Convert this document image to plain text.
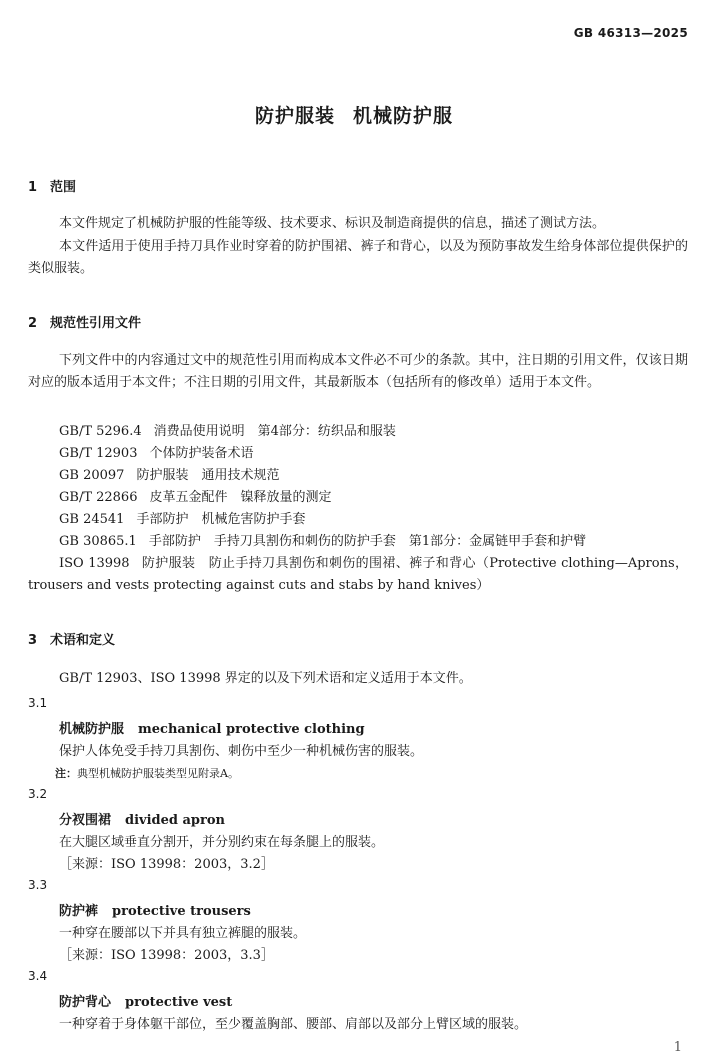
GB 46313—2025
防护服装 机械防护服
1 范围
本文件规定了机械防护服的性能等级、技术要求、标识及制造商提供的信息，描述了测试方法。
本文件适用于使用手持刀具作业时穿着的防护围裙、裤子和背心，以及为预防事故发生给身体部位提供保护的类似服装。
2 规范性引用文件
下列文件中的内容通过文中的规范性引用而构成本文件必不可少的条款。其中，注日期的引用文件，仅该日期对应的版本适用于本文件；不注日期的引用文件，其最新版本（包括所有的修改单）适用于本文件。
GB/T 5296.4 消费品使用说明　第4部分：纺织品和服装
GB/T 12903 个体防护装备术语
GB 20097 防护服装　通用技术规范
GB/T 22866 皮革五金配件　镍释放量的测定
GB 24541 手部防护　机械危害防护手套
GB 30865.1 手部防护　手持刀具割伤和刺伤的防护手套　第1部分：金属链甲手套和护臂
ISO 13998 防护服装　防止手持刀具割伤和刺伤的围裙、裤子和背心（Protective clothing—Aprons，trousers and vests protecting against cuts and stabs by hand knives）
3 术语和定义
GB/T 12903、ISO 13998 界定的以及下列术语和定义适用于本文件。
3.1
机械防护服 mechanical protective clothing
保护人体免受手持刀具割伤、刺伤中至少一种机械伤害的服装。
注：典型机械防护服装类型见附录A。
3.2
分衩围裙 divided apron
在大腿区域垂直分割开，并分别约束在每条腿上的服装。
［来源：ISO 13998：2003，3.2］
3.3
防护裤 protective trousers
一种穿在腰部以下并具有独立裤腿的服装。
［来源：ISO 13998：2003，3.3］
3.4
防护背心 protective vest
一种穿着于身体躯干部位，至少覆盖胸部、腰部、肩部以及部分上臂区域的服装。
1
